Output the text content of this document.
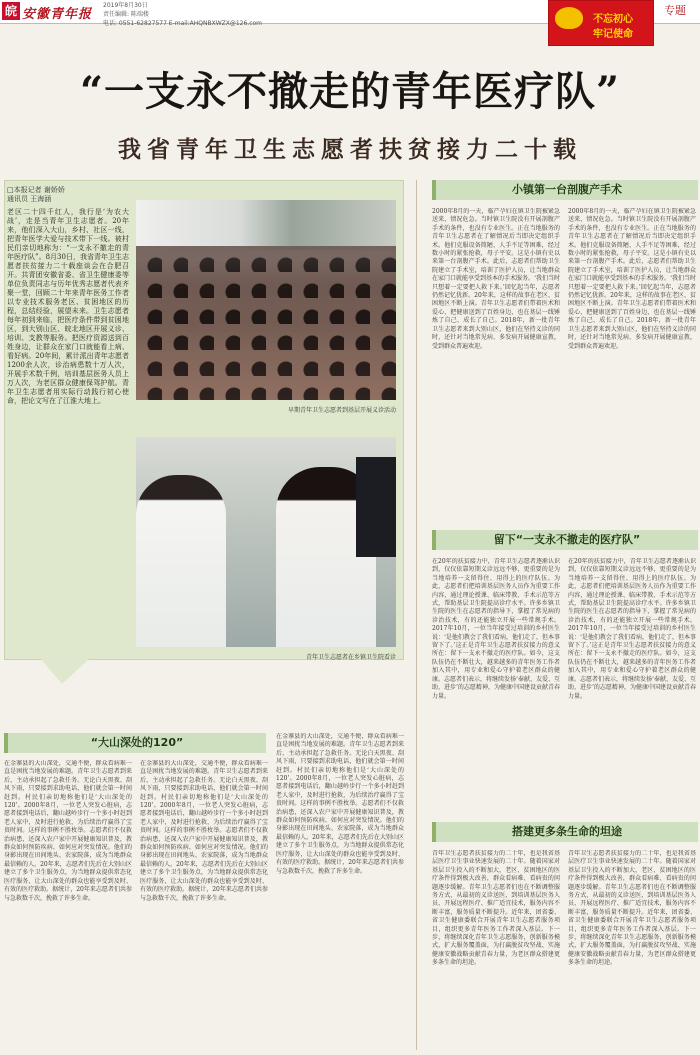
皖 安徽青年报
2019年8月30日
责任编辑: 陈端楼
电话: 0551-62827577 E-mail:AHQNBXWZX@126.com	不忘初心
牢记使命
专题
“一支永不撤走的青年医疗队”
我省青年卫生志愿者扶贫接力二十载
□本报记者 谢娇娇
通讯员 王海涵
老区二十四千红人，我行是‘为农大战’，走是当青年卫生志愿者。20年来，他们深入大山，乡村、社区一线，把青年医学大爱与技术带下一线。被村民们亲切地称为：“一支永不撤走的青年医疗队”。8月30日，我省青年卫生志愿者扶贫接力二十载座谈会在合肥召开。共青团安徽省委、省卫生健康委等单位负责同志与历年优秀志愿者代表齐聚一堂，回顾二十年来青年医务工作者以专业技术服务老区、贫困地区的历程，总结经验，展望未来。卫生志愿者每年初到来临，把医疗条件带到贫困地区，到大别山区、皖北地区开展义诊、培训、支教等服务。把医疗资源送到百姓身边，让群众在家门口就能看上病、看好病。20年间，累计派出青年志愿者1200余人次，诊治病患数十万人次，开展手术数千例，培训基层医务人员上万人次，为老区群众健康保驾护航。青年卫生志愿者用实际行动践行初心使命，把论文写在了江淮大地上。
早期青年卫生志愿者到基层开展义诊活动
青年卫生志愿者在乡镇卫生院看诊
小镇第一台剖腹产手术
2000年8月的一天，临产孕妇在镇卫生院被紧急送来，情况危急。当时镇卫生院没有开展剖腹产手术的条件，也没有专业医生。正在当地服务的青年卫生志愿者在了解情况后当即决定组织手术。他们克服设备简陋、人手不足等困难，经过数小时的紧张抢救，母子平安。这是小镇有史以来第一台剖腹产手术。此后，志愿者们帮助卫生院建立了手术室，培训了医护人员，让当地群众在家门口就能享受到基本的手术服务。‘我们当时只想着一定要把人救下来。’回忆起当年，志愿者仍然记忆犹新。20年来，这样的故事在老区、贫困地区不断上演。青年卫生志愿者们带着医术和爱心，把健康送到了百姓身边，也在基层一线锤炼了自己、成长了自己。2018年，新一批青年卫生志愿者来到大别山区，他们在坚持义诊的同时，还针对当地常见病、多发病开展健康宣教，受到群众普遍欢迎。
2000年8月的一天，临产孕妇在镇卫生院被紧急送来，情况危急。当时镇卫生院没有开展剖腹产手术的条件，也没有专业医生。正在当地服务的青年卫生志愿者在了解情况后当即决定组织手术。他们克服设备简陋、人手不足等困难，经过数小时的紧张抢救，母子平安。这是小镇有史以来第一台剖腹产手术。此后，志愿者们帮助卫生院建立了手术室，培训了医护人员，让当地群众在家门口就能享受到基本的手术服务。‘我们当时只想着一定要把人救下来。’回忆起当年，志愿者仍然记忆犹新。20年来，这样的故事在老区、贫困地区不断上演。青年卫生志愿者们带着医术和爱心，把健康送到了百姓身边，也在基层一线锤炼了自己、成长了自己。2018年，新一批青年卫生志愿者来到大别山区，他们在坚持义诊的同时，还针对当地常见病、多发病开展健康宣教，受到群众普遍欢迎。
留下“一支永不撤走的医疗队”
在20年的扶贫接力中，青年卫生志愿者逐渐认识到，仅仅依靠短期义诊远远不够，更重要的是为当地培养一支留得住、用得上的医疗队伍。为此，志愿者们把培训基层医务人员作为重要工作内容，通过理论授课、临床带教、手术示范等方式，帮助基层卫生院提高诊疗水平。许多乡镇卫生院的医生在志愿者的指导下，掌握了常见病的诊治技术，有的还能独立开展一些常规手术。2017年10月，一位当年接受过培训的乡村医生说：‘是他们教会了我们看病，他们走了，但本事留下了。’这正是青年卫生志愿者扶贫接力的意义所在：留下一支永不撤走的医疗队。如今，这支队伍仍在不断壮大，越来越多的青年医务工作者加入其中，用专业和爱心守护着老区群众的健康。志愿者们表示，将继续发扬‘奉献、友爱、互助、进步’的志愿精神，为健康中国建设贡献青春力量。
在20年的扶贫接力中，青年卫生志愿者逐渐认识到，仅仅依靠短期义诊远远不够，更重要的是为当地培养一支留得住、用得上的医疗队伍。为此，志愿者们把培训基层医务人员作为重要工作内容，通过理论授课、临床带教、手术示范等方式，帮助基层卫生院提高诊疗水平。许多乡镇卫生院的医生在志愿者的指导下，掌握了常见病的诊治技术，有的还能独立开展一些常规手术。2017年10月，一位当年接受过培训的乡村医生说：‘是他们教会了我们看病，他们走了，但本事留下了。’这正是青年卫生志愿者扶贫接力的意义所在：留下一支永不撤走的医疗队。如今，这支队伍仍在不断壮大，越来越多的青年医务工作者加入其中，用专业和爱心守护着老区群众的健康。志愿者们表示，将继续发扬‘奉献、友爱、互助、进步’的志愿精神，为健康中国建设贡献青春力量。
“大山深处的120”
在金寨县的大山深处，交通不便，群众看病难一直是困扰当地发展的难题。青年卫生志愿者到来后，主动承担起了急救任务。无论白天黑夜、刮风下雨，只要接到求助电话，他们就会第一时间赶到。村民们亲切地称他们是‘大山深处的120’。2000年8月，一位老人突发心脏病，志愿者接到电话后，翻山越岭步行一个多小时赶到老人家中，及时进行抢救，为后续治疗赢得了宝贵时间。这样的事例不胜枚举。志愿者们不仅救治病患，还深入农户家中开展健康知识普及，教群众如何预防疾病、如何应对突发情况。他们的身影出现在田间地头、农家院落，成为当地群众最信赖的人。20年来，志愿者们先后在大别山区建立了多个卫生服务点，为当地群众提供常态化医疗服务，让大山深处的群众也能享受到及时、有效的医疗救助。据统计，20年来志愿者们共参与急救数千次，挽救了许多生命。
在金寨县的大山深处，交通不便，群众看病难一直是困扰当地发展的难题。青年卫生志愿者到来后，主动承担起了急救任务。无论白天黑夜、刮风下雨，只要接到求助电话，他们就会第一时间赶到。村民们亲切地称他们是‘大山深处的120’。2000年8月，一位老人突发心脏病，志愿者接到电话后，翻山越岭步行一个多小时赶到老人家中，及时进行抢救，为后续治疗赢得了宝贵时间。这样的事例不胜枚举。志愿者们不仅救治病患，还深入农户家中开展健康知识普及，教群众如何预防疾病、如何应对突发情况。他们的身影出现在田间地头、农家院落，成为当地群众最信赖的人。20年来，志愿者们先后在大别山区建立了多个卫生服务点，为当地群众提供常态化医疗服务，让大山深处的群众也能享受到及时、有效的医疗救助。据统计，20年来志愿者们共参与急救数千次，挽救了许多生命。
在金寨县的大山深处，交通不便，群众看病难一直是困扰当地发展的难题。青年卫生志愿者到来后，主动承担起了急救任务。无论白天黑夜、刮风下雨，只要接到求助电话，他们就会第一时间赶到。村民们亲切地称他们是‘大山深处的120’。2000年8月，一位老人突发心脏病，志愿者接到电话后，翻山越岭步行一个多小时赶到老人家中，及时进行抢救，为后续治疗赢得了宝贵时间。这样的事例不胜枚举。志愿者们不仅救治病患，还深入农户家中开展健康知识普及，教群众如何预防疾病、如何应对突发情况。他们的身影出现在田间地头、农家院落，成为当地群众最信赖的人。20年来，志愿者们先后在大别山区建立了多个卫生服务点，为当地群众提供常态化医疗服务，让大山深处的群众也能享受到及时、有效的医疗救助。据统计，20年来志愿者们共参与急救数千次，挽救了许多生命。
搭建更多条生命的坦途
青年卫生志愿者扶贫接力的二十年，也是我省基层医疗卫生事业快速发展的二十年。随着国家对基层卫生投入的不断加大，老区、贫困地区的医疗条件得到极大改善，群众看病难、看病贵的问题逐步缓解。青年卫生志愿者们也在不断调整服务方式，从最初的义诊送医，到培训基层医务人员、开展远程医疗、推广适宜技术，服务内容不断丰富，服务质量不断提升。近年来，团省委、省卫生健康委联合开展青年卫生志愿者服务项目，组织更多青年医务工作者深入基层。下一步，将继续深化青年卫生志愿服务，创新服务模式，扩大服务覆盖面，为打赢脱贫攻坚战、实施健康安徽战略贡献青春力量，为老区群众搭建更多条生命的坦途。
青年卫生志愿者扶贫接力的二十年，也是我省基层医疗卫生事业快速发展的二十年。随着国家对基层卫生投入的不断加大，老区、贫困地区的医疗条件得到极大改善，群众看病难、看病贵的问题逐步缓解。青年卫生志愿者们也在不断调整服务方式，从最初的义诊送医，到培训基层医务人员、开展远程医疗、推广适宜技术，服务内容不断丰富，服务质量不断提升。近年来，团省委、省卫生健康委联合开展青年卫生志愿者服务项目，组织更多青年医务工作者深入基层。下一步，将继续深化青年卫生志愿服务，创新服务模式，扩大服务覆盖面，为打赢脱贫攻坚战、实施健康安徽战略贡献青春力量，为老区群众搭建更多条生命的坦途。
